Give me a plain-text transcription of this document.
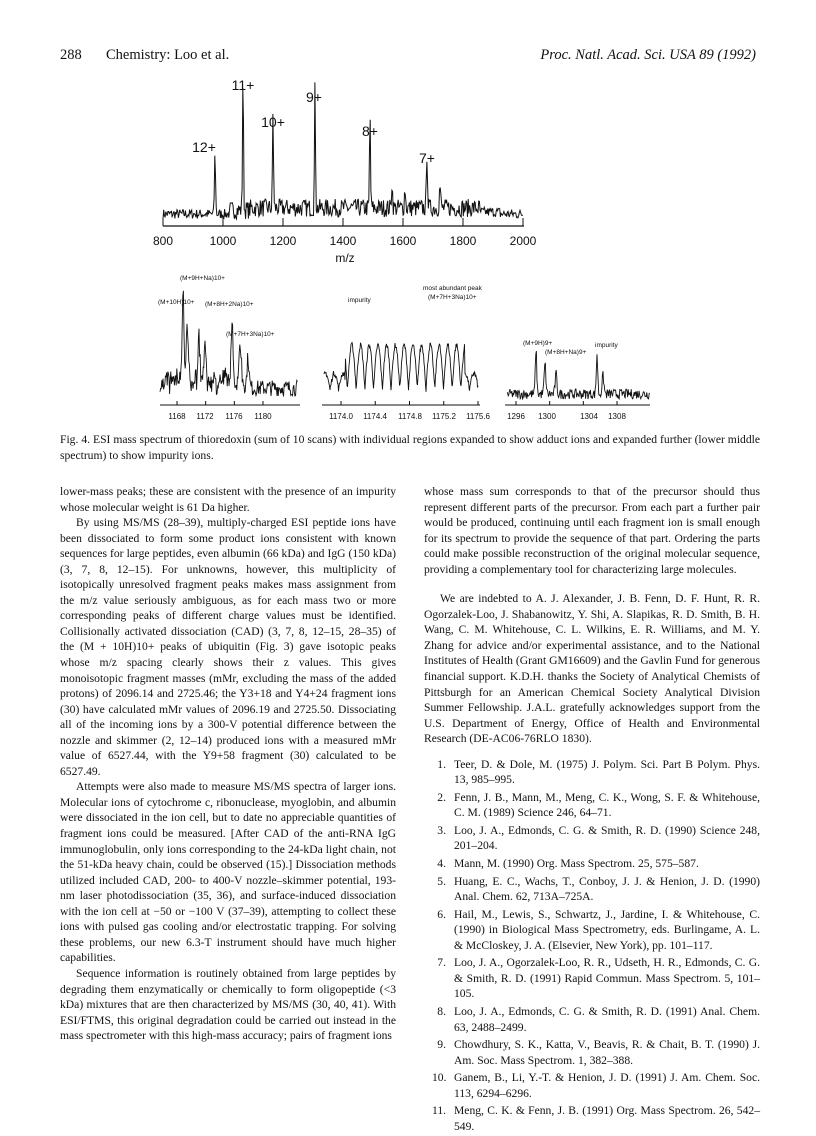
288 Chemistry: Loo et al.	Proc. Natl. Acad. Sci. USA 89 (1992)
12+
11+
10+
9+
8+
7+
800	1000	1200	1400	1600	1800	2000
m/z
(M+9H+Na)10+
(M+10H)10+ (M+8H+2Na)10+
(M+7H+3Na)10+
1168 1172 1176 1180
impurity
most abundant peak
(M+7H+3Na)10+
1174.0 1174.4 1174.8 1175.2 1175.6
(M+9H)9+
(M+8H+Na)9+
impurity
1296 1300	1304 1308
Fig. 4. ESI mass spectrum of thioredoxin (sum of 10 scans) with individual regions expanded to show adduct ions and expanded further (lower middle spectrum) to show impurity ions.

lower-mass peaks; these are consistent with the presence of an impurity whose molecular weight is 61 Da higher.

By using MS/MS (28–39), multiply-charged ESI peptide ions have been dissociated to form some product ions consistent with known sequences for large peptides, even albumin (66 kDa) and IgG (150 kDa) (3, 7, 8, 12–15). For unknowns, however, this multiplicity of isotopically unresolved fragment peaks makes mass assignment from the m/z value seriously ambiguous, as for each mass two or more corresponding peaks of different charge values must be identified. Collisionally activated dissociation (CAD) (3, 7, 8, 12–15, 28–35) of the (M + 10H)10+ peaks of ubiquitin (Fig. 3) gave isotopic peaks whose m/z spacing clearly shows their z values. This gives monoisotopic fragment masses (mMr, excluding the mass of the added protons) of 2096.14 and 2725.46; the Y3+18 and Y4+24 fragment ions (30) have calculated mMr values of 2096.19 and 2725.50. Dissociating all of the incoming ions by a 300-V potential difference between the nozzle and skimmer (2, 12–14) produced ions with a measured mMr value of 6527.44, with the Y9+58 fragment (30) calculated to be 6527.49.

Attempts were also made to measure MS/MS spectra of larger ions. Molecular ions of cytochrome c, ribonuclease, myoglobin, and albumin were dissociated in the ion cell, but to date no appreciable quantities of fragment ions could be measured. [After CAD of the anti-RNA IgG immunoglobulin, only ions corresponding to the 24-kDa light chain, not the 51-kDa heavy chain, could be observed (15).] Dissociation methods utilized included CAD, 200- to 400-V nozzle–skimmer potential, 193-nm laser photodissociation (35, 36), and surface-induced dissociation with the ion cell at −50 or −100 V (37–39), attempting to collect these ions with pulsed gas cooling and/or electrostatic trapping. For solving these problems, our new 6.3-T instrument should have much higher capabilities.

Sequence information is routinely obtained from large peptides by degrading them enzymatically or chemically to form oligopeptide (<3 kDa) mixtures that are then characterized by MS/MS (30, 40, 41). With ESI/FTMS, this original degradation could be carried out instead in the mass spectrometer with this high-mass accuracy; pairs of fragment ions

whose mass sum corresponds to that of the precursor should thus represent different parts of the precursor. From each part a further pair would be produced, continuing until each fragment ion is small enough for its spectrum to provide the sequence of that part. Ordering the parts could make possible reconstruction of the original molecular sequence, providing a complementary tool for characterizing large molecules.

We are indebted to A. J. Alexander, J. B. Fenn, D. F. Hunt, R. R. Ogorzalek-Loo, J. Shabanowitz, Y. Shi, A. Slapikas, R. D. Smith, B. H. Wang, C. M. Whitehouse, C. L. Wilkins, E. R. Williams, and M. Y. Zhang for advice and/or experimental assistance, and to the National Institutes of Health (Grant GM16609) and the Gavlin Fund for generous financial support. K.D.H. thanks the Society of Analytical Chemists of Pittsburgh for an American Chemical Society Analytical Division Summer Fellowship. J.A.L. gratefully acknowledges support from the U.S. Department of Energy, Office of Health and Environmental Research (DE-AC06-76RLO 1830).

1. Teer, D. & Dole, M. (1975) J. Polym. Sci. Part B Polym. Phys. 13, 985–995.
2. Fenn, J. B., Mann, M., Meng, C. K., Wong, S. F. & Whitehouse, C. M. (1989) Science 246, 64–71.
3. Loo, J. A., Edmonds, C. G. & Smith, R. D. (1990) Science 248, 201–204.
4. Mann, M. (1990) Org. Mass Spectrom. 25, 575–587.
5. Huang, E. C., Wachs, T., Conboy, J. J. & Henion, J. D. (1990) Anal. Chem. 62, 713A–725A.
6. Hail, M., Lewis, S., Schwartz, J., Jardine, I. & Whitehouse, C. (1990) in Biological Mass Spectrometry, eds. Burlingame, A. L. & McCloskey, J. A. (Elsevier, New York), pp. 101–117.
7. Loo, J. A., Ogorzalek-Loo, R. R., Udseth, H. R., Edmonds, C. G. & Smith, R. D. (1991) Rapid Commun. Mass Spectrom. 5, 101–105.
8. Loo, J. A., Edmonds, C. G. & Smith, R. D. (1991) Anal. Chem. 63, 2488–2499.
9. Chowdhury, S. K., Katta, V., Beavis, R. & Chait, B. T. (1990) J. Am. Soc. Mass Spectrom. 1, 382–388.
10. Ganem, B., Li, Y.-T. & Henion, J. D. (1991) J. Am. Chem. Soc. 113, 6294–6296.
11. Meng, C. K. & Fenn, J. B. (1991) Org. Mass Spectrom. 26, 542–549.
